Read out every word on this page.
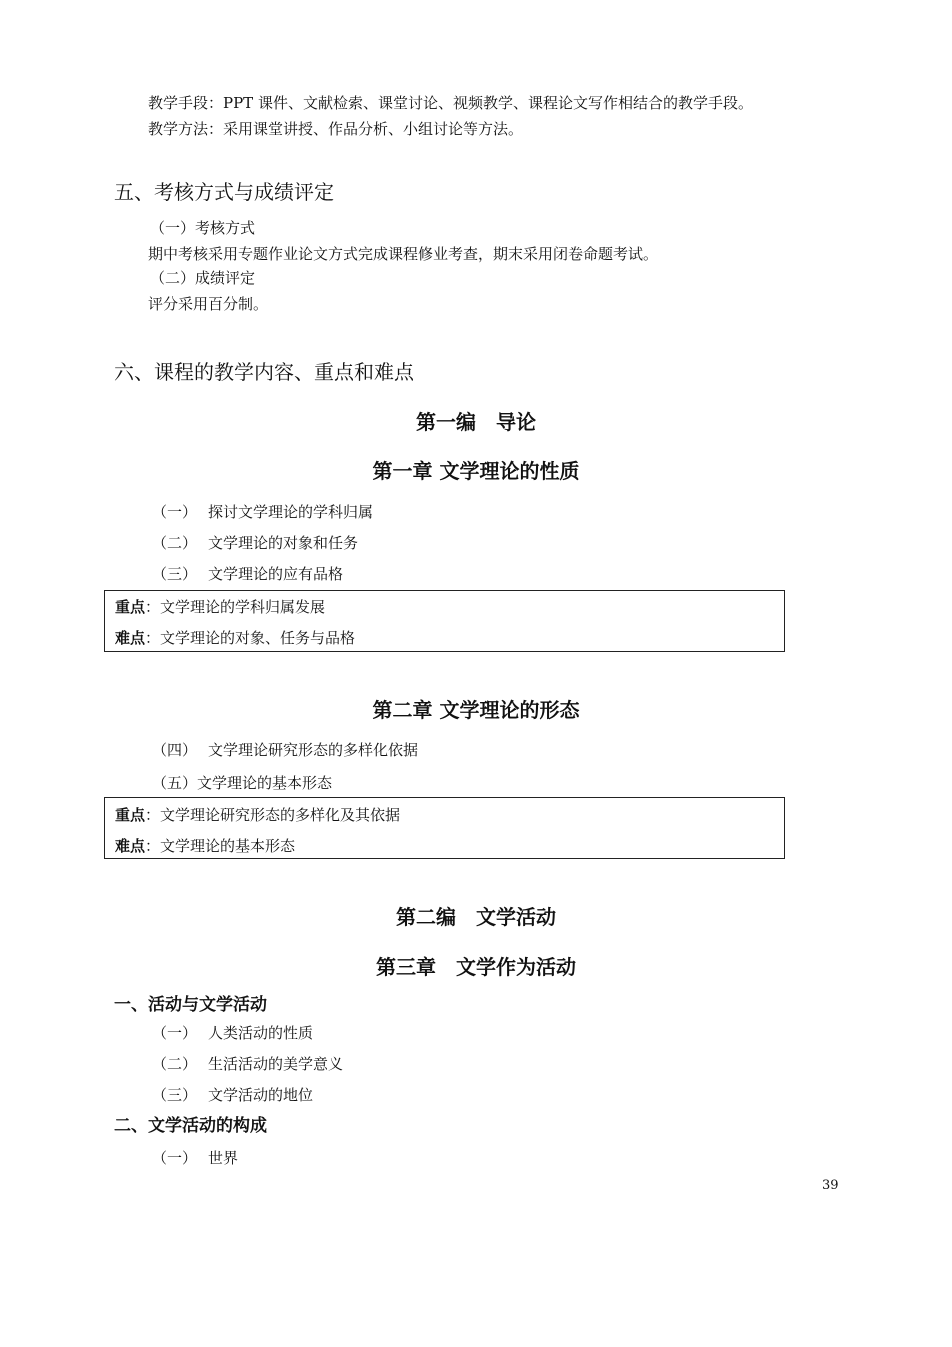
教学手段：PPT 课件、文献检索、课堂讨论、视频教学、课程论文写作相结合的教学手段。
教学方法：采用课堂讲授、作品分析、小组讨论等方法。
五、考核方式与成绩评定
（一）考核方式
期中考核采用专题作业论文方式完成课程修业考查，期末采用闭卷命题考试。
（二）成绩评定
评分采用百分制。
六、课程的教学内容、重点和难点
第一编　导论
第一章 文学理论的性质
（一） 探讨文学理论的学科归属
（二） 文学理论的对象和任务
（三） 文学理论的应有品格
重点：文学理论的学科归属发展
难点：文学理论的对象、任务与品格
第二章 文学理论的形态
（四） 文学理论研究形态的多样化依据
（五）文学理论的基本形态
重点：文学理论研究形态的多样化及其依据
难点：文学理论的基本形态
第二编　文学活动
第三章　文学作为活动
一、活动与文学活动
（一） 人类活动的性质
（二） 生活活动的美学意义
（三） 文学活动的地位
二、文学活动的构成
（一） 世界
39
